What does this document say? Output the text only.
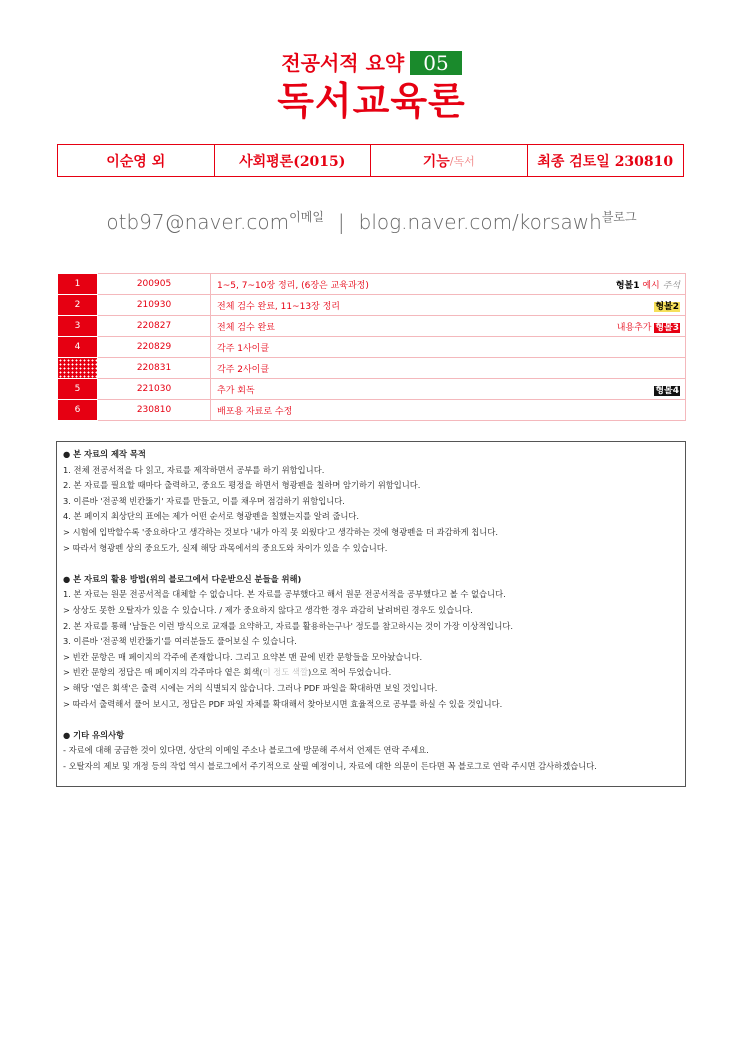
전공서적 요약 05
독서교육론
이순영 외	사회평론(2015)	기능 /독서	최종 검토일 230810
otb97@naver.com$^{이메일}$ | blog.naver.com/korsawh$^{블로그}$
1	200905	1~5, 7~10장 정리, (6장은 교육과정) 형볼1 예시 주석

2	210930	전체 검수 완료, 11~13장 정리 형볼2

3	220827	전체 검수 완료 내용추가 형볼3

4	220829	각주 1사이클
	220831	각주 2사이클
5	221030	추가 회독 형볼4

6	230810	배포용 자료로 수정
● 본 자료의 제작 목적
1. 전체 전공서적을 다 읽고, 자료를 제작하면서 공부를 하기 위함입니다.
2. 본 자료를 필요할 때마다 출력하고, 중요도 평정을 하면서 형광펜을 칠하며 암기하기 위함입니다.
3. 이른바 '전공책 빈칸뚫기' 자료를 만들고, 이를 채우며 점검하기 위함입니다.
4. 본 페이지 최상단의 표에는 제가 어떤 순서로 형광펜을 칠했는지를 알려 줍니다.
> 시험에 입박할수록 '중요하다'고 생각하는 것보다 '내가 아직 못 외웠다'고 생각하는 것에 형광펜을 더 과감하게 칩니다.
> 따라서 형광펜 상의 중요도가, 실제 해당 과목에서의 중요도와 차이가 있을 수 있습니다.
● 본 자료의 활용 방법(위의 블로그에서 다운받으신 분들을 위해)
1. 본 자료는 원문 전공서적을 대체할 수 없습니다. 본 자료를 공부했다고 해서 원문 전공서적을 공부했다고 볼 수 없습니다.
> 상상도 못한 오탈자가 있을 수 있습니다. / 제가 중요하지 않다고 생각한 경우 과감히 날려버린 경우도 있습니다.
2. 본 자료를 통해 '남들은 이런 방식으로 교재를 요약하고, 자료를 활용하는구나' 정도를 참고하시는 것이 가장 이상적입니다.
3. 이른바 '전공책 빈칸뚫기'를 여러분들도 풀어보실 수 있습니다.
> 빈칸 문항은 매 페이지의 각주에 존재합니다. 그리고 요약본 맨 끝에 빈칸 문항들을 모아놨습니다.
> 빈칸 문항의 정답은 매 페이지의 각주마다 옅은 회색(이 정도 색깔)으로 적어 두었습니다.
> 해당 '옅은 회색'은 출력 시에는 거의 식별되지 않습니다. 그러나 PDF 파일을 확대하면 보일 것입니다.
> 따라서 출력해서 풀어 보시고, 정답은 PDF 파일 자체를 확대해서 찾아보시면 효율적으로 공부를 하실 수 있을 것입니다.
● 기타 유의사항
- 자료에 대해 궁금한 것이 있다면, 상단의 이메일 주소나 블로그에 방문해 주셔서 언제든 연락 주세요.
- 오탈자의 제보 및 개정 등의 작업 역시 블로그에서 주기적으로 살필 예정이니, 자료에 대한 의문이 든다면 꼭 블로그로 연락 주시면 감사하겠습니다.
